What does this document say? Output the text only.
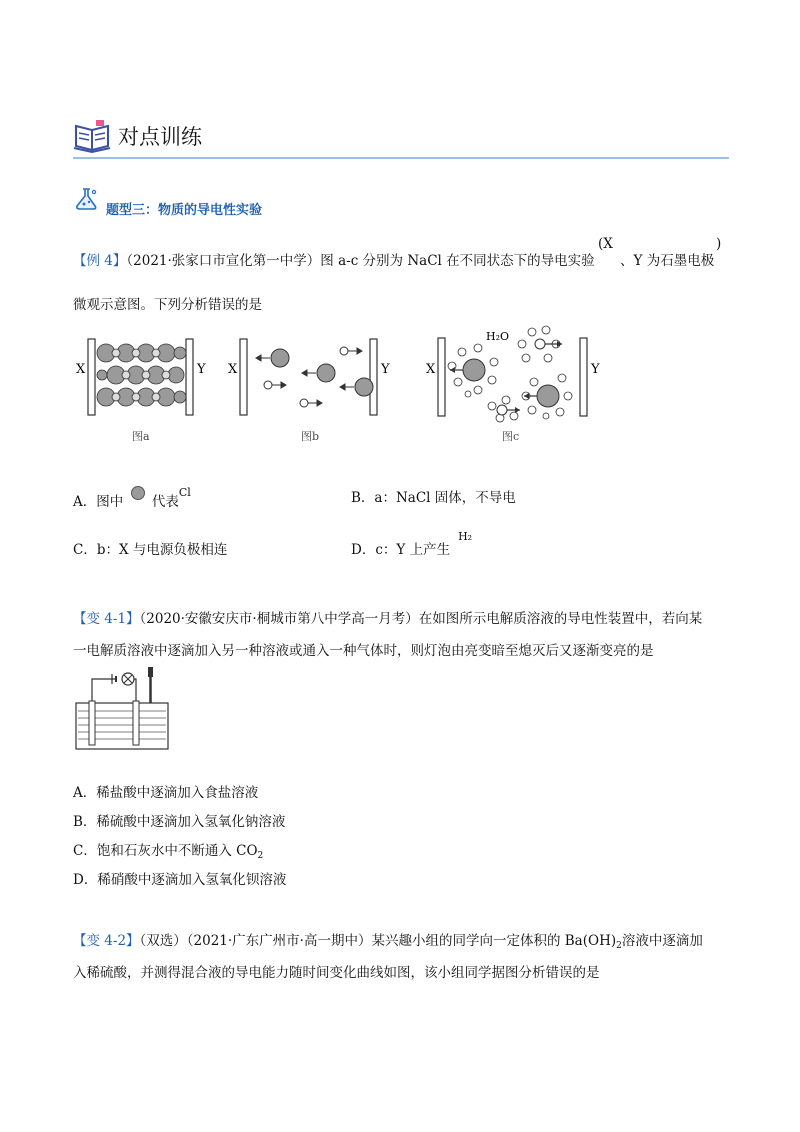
对点训练
题型三：物质的导电性实验
【例 4】（2021·张家口市宣化第一中学）图 a-c 分别为 NaCl 在不同状态下的导电实验
(X
、Y 为石墨电极
)
微观示意图。下列分析错误的是
X	Y
图a
X	Y
图b
X	Y
H₂O
图c
A．图中 代表$^{Cl}$	B．a：NaCl 固体，不导电
C．b：X 与电源负极相连	D．c：Y 上产生$^{H_2}$
【变 4-1】（2020·安徽安庆市·桐城市第八中学高一月考）在如图所示电解质溶液的导电性装置中，若向某
一电解质溶液中逐滴加入另一种溶液或通入一种气体时，则灯泡由亮变暗至熄灭后又逐渐变亮的是
A．稀盐酸中逐滴加入食盐溶液
B．稀硫酸中逐滴加入氢氧化钠溶液
C．饱和石灰水中不断通入 $CO_2$
D．稀硝酸中逐滴加入氢氧化钡溶液
【变 4-2】（双选）（2021·广东广州市·高一期中）某兴趣小组的同学向一定体积的 $Ba(OH)_2$溶液中逐滴加
入稀硫酸，并测得混合液的导电能力随时间变化曲线如图，该小组同学据图分析错误的是
